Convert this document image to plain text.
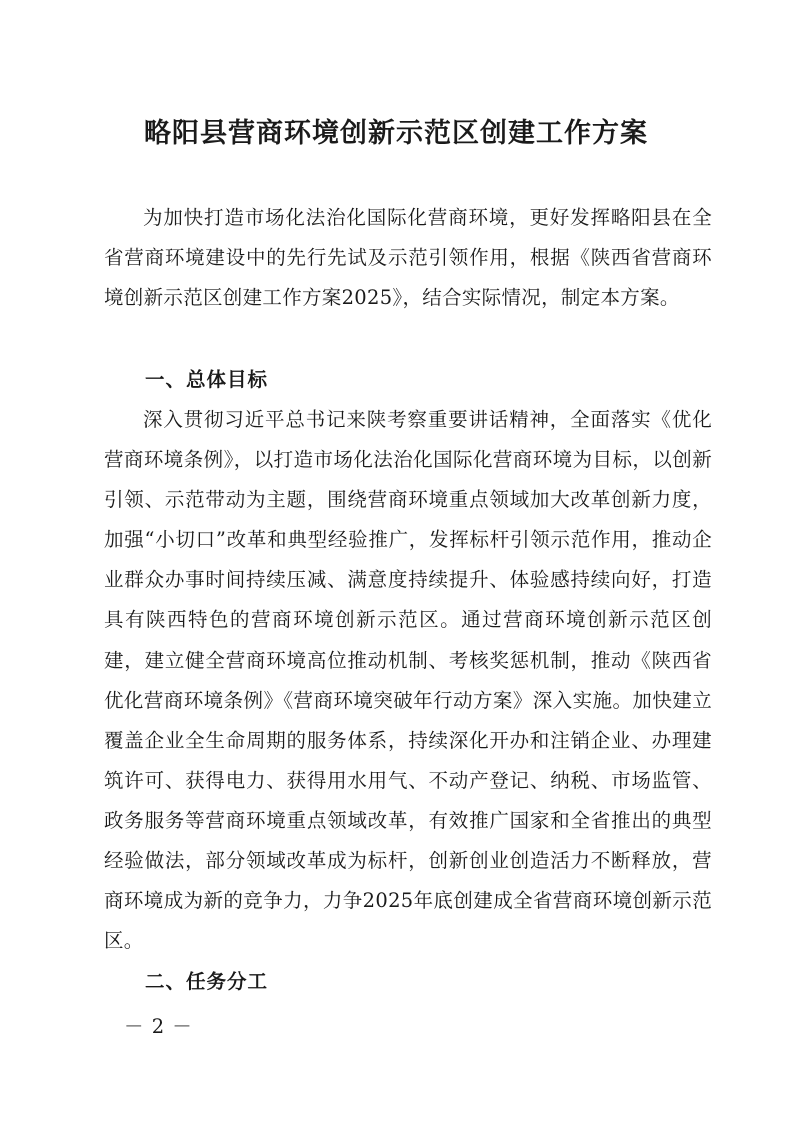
略阳县营商环境创新示范区创建工作方案

为加快打造市场化法治化国际化营商环境，更好发挥略阳县在全省营商环境建设中的先行先试及示范引领作用，根据《陕西省营商环境创新示范区创建工作方案2025》，结合实际情况，制定本方案。

一、总体目标

深入贯彻习近平总书记来陕考察重要讲话精神，全面落实《优化营商环境条例》，以打造市场化法治化国际化营商环境为目标，以创新引领、示范带动为主题，围绕营商环境重点领域加大改革创新力度，加强“小切口”改革和典型经验推广，发挥标杆引领示范作用，推动企业群众办事时间持续压减、满意度持续提升、体验感持续向好，打造具有陕西特色的营商环境创新示范区。通过营商环境创新示范区创建，建立健全营商环境高位推动机制、考核奖惩机制，推动《陕西省优化营商环境条例》《营商环境突破年行动方案》深入实施。加快建立覆盖企业全生命周期的服务体系，持续深化开办和注销企业、办理建筑许可、获得电力、获得用水用气、不动产登记、纳税、市场监管、政务服务等营商环境重点领域改革，有效推广国家和全省推出的典型经验做法，部分领域改革成为标杆，创新创业创造活力不断释放，营商环境成为新的竞争力，力争2025年底创建成全省营商环境创新示范区。

二、任务分工
－ 2 －
